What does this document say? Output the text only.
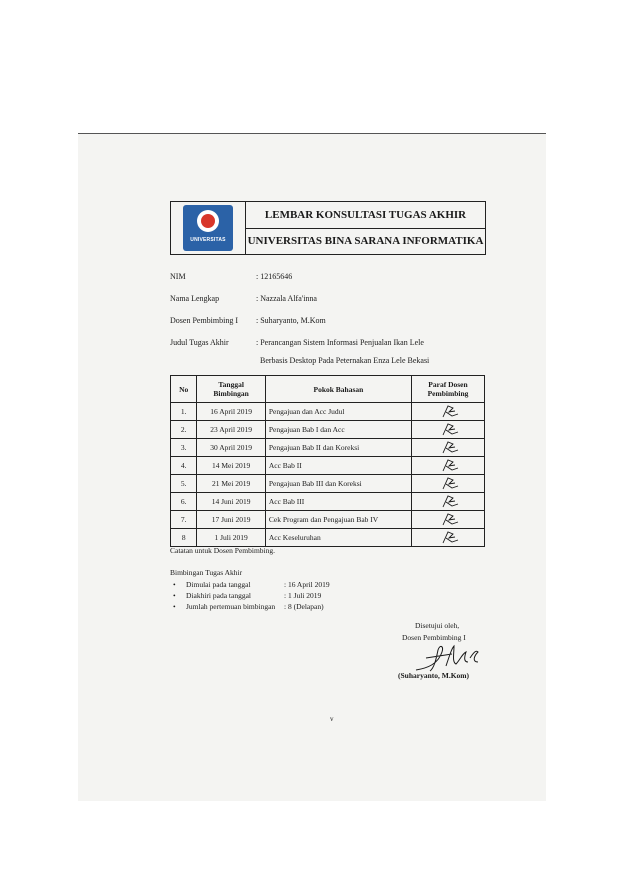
UNIVERSITAS
LEMBAR KONSULTASI TUGAS AKHIR
UNIVERSITAS BINA SARANA INFORMATIKA
NIM	: 12165646
Nama Lengkap	: Nazzala Alfa'inna
Dosen Pembimbing I : Suharyanto, M.Kom
Judul Tugas Akhir	: Perancangan Sistem Informasi Penjualan Ikan Lele
Berbasis Desktop Pada Peternakan Enza Lele Bekasi
No	Tanggal Bimbingan	Pokok Bahasan	Paraf Dosen Pembimbing
1.	16 April 2019	Pengajuan dan Acc Judul	

2.	23 April 2019	Pengajuan Bab I dan Acc	

3.	30 April 2019	Pengajuan Bab II dan Koreksi	

4.	14 Mei 2019	Acc Bab II	

5.	21 Mei 2019	Pengajuan Bab III dan Koreksi	

6.	14 Juni 2019	Acc Bab III	

7.	17 Juni 2019	Cek Program dan Pengajuan Bab IV	

8	1 Juli 2019	Acc Keseluruhan	
Catatan untuk Dosen Pembimbing.
Bimbingan Tugas Akhir
• Dimulai pada tanggal	: 16 April 2019
• Diakhiri pada tanggal	: 1 Juli 2019
• Jumlah pertemuan bimbingan : 8 (Delapan)
Disetujui oleh,
Dosen Pembimbing I
(Suharyanto, M.Kom)
v
